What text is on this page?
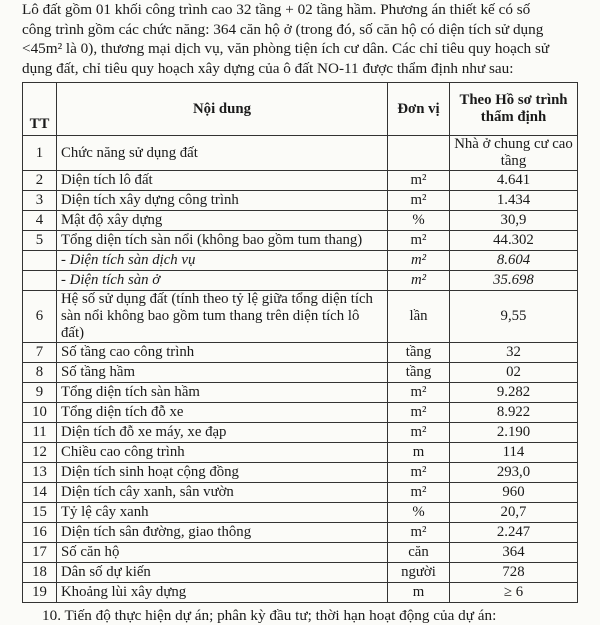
Lô đất gồm 01 khối công trình cao 32 tầng + 02 tầng hầm. Phương án thiết kế có số
công trình gồm các chức năng: 364 căn hộ ở (trong đó, số căn hộ có diện tích sử dụng
<45m² là 0), thương mại dịch vụ, văn phòng tiện ích cư dân. Các chỉ tiêu quy hoạch sử
dụng đất, chỉ tiêu quy hoạch xây dựng của ô đất NO-11 được thẩm định như sau:
TT	Nội dung	Đơn vị	Theo Hồ sơ trình thẩm định
1	Chức năng sử dụng đất		Nhà ở chung cư cao tầng
2	Diện tích lô đất	m²	4.641
3	Diện tích xây dựng công trình	m²	1.434
4	Mật độ xây dựng	%	30,9
5	Tổng diện tích sàn nổi (không bao gồm tum thang)	m²	44.302
	- Diện tích sàn dịch vụ	m²	8.604
	- Diện tích sàn ở	m²	35.698
6	Hệ số sử dụng đất (tính theo tỷ lệ giữa tổng diện tích sàn nổi không bao gồm tum thang trên diện tích lô đất)	lần	9,55
7	Số tầng cao công trình	tầng	32
8	Số tầng hầm	tầng	02
9	Tổng diện tích sàn hầm	m²	9.282
10	Tổng diện tích đỗ xe	m²	8.922
11	Diện tích đỗ xe máy, xe đạp	m²	2.190
12	Chiều cao công trình	m	114
13	Diện tích sinh hoạt cộng đồng	m²	293,0
14	Diện tích cây xanh, sân vườn	m²	960
15	Tỷ lệ cây xanh	%	20,7
16	Diện tích sân đường, giao thông	m²	2.247
17	Số căn hộ	căn	364
18	Dân số dự kiến	người	728
19	Khoảng lùi xây dựng	m	≥ 6
10. Tiến độ thực hiện dự án; phân kỳ đầu tư; thời hạn hoạt động của dự án:
